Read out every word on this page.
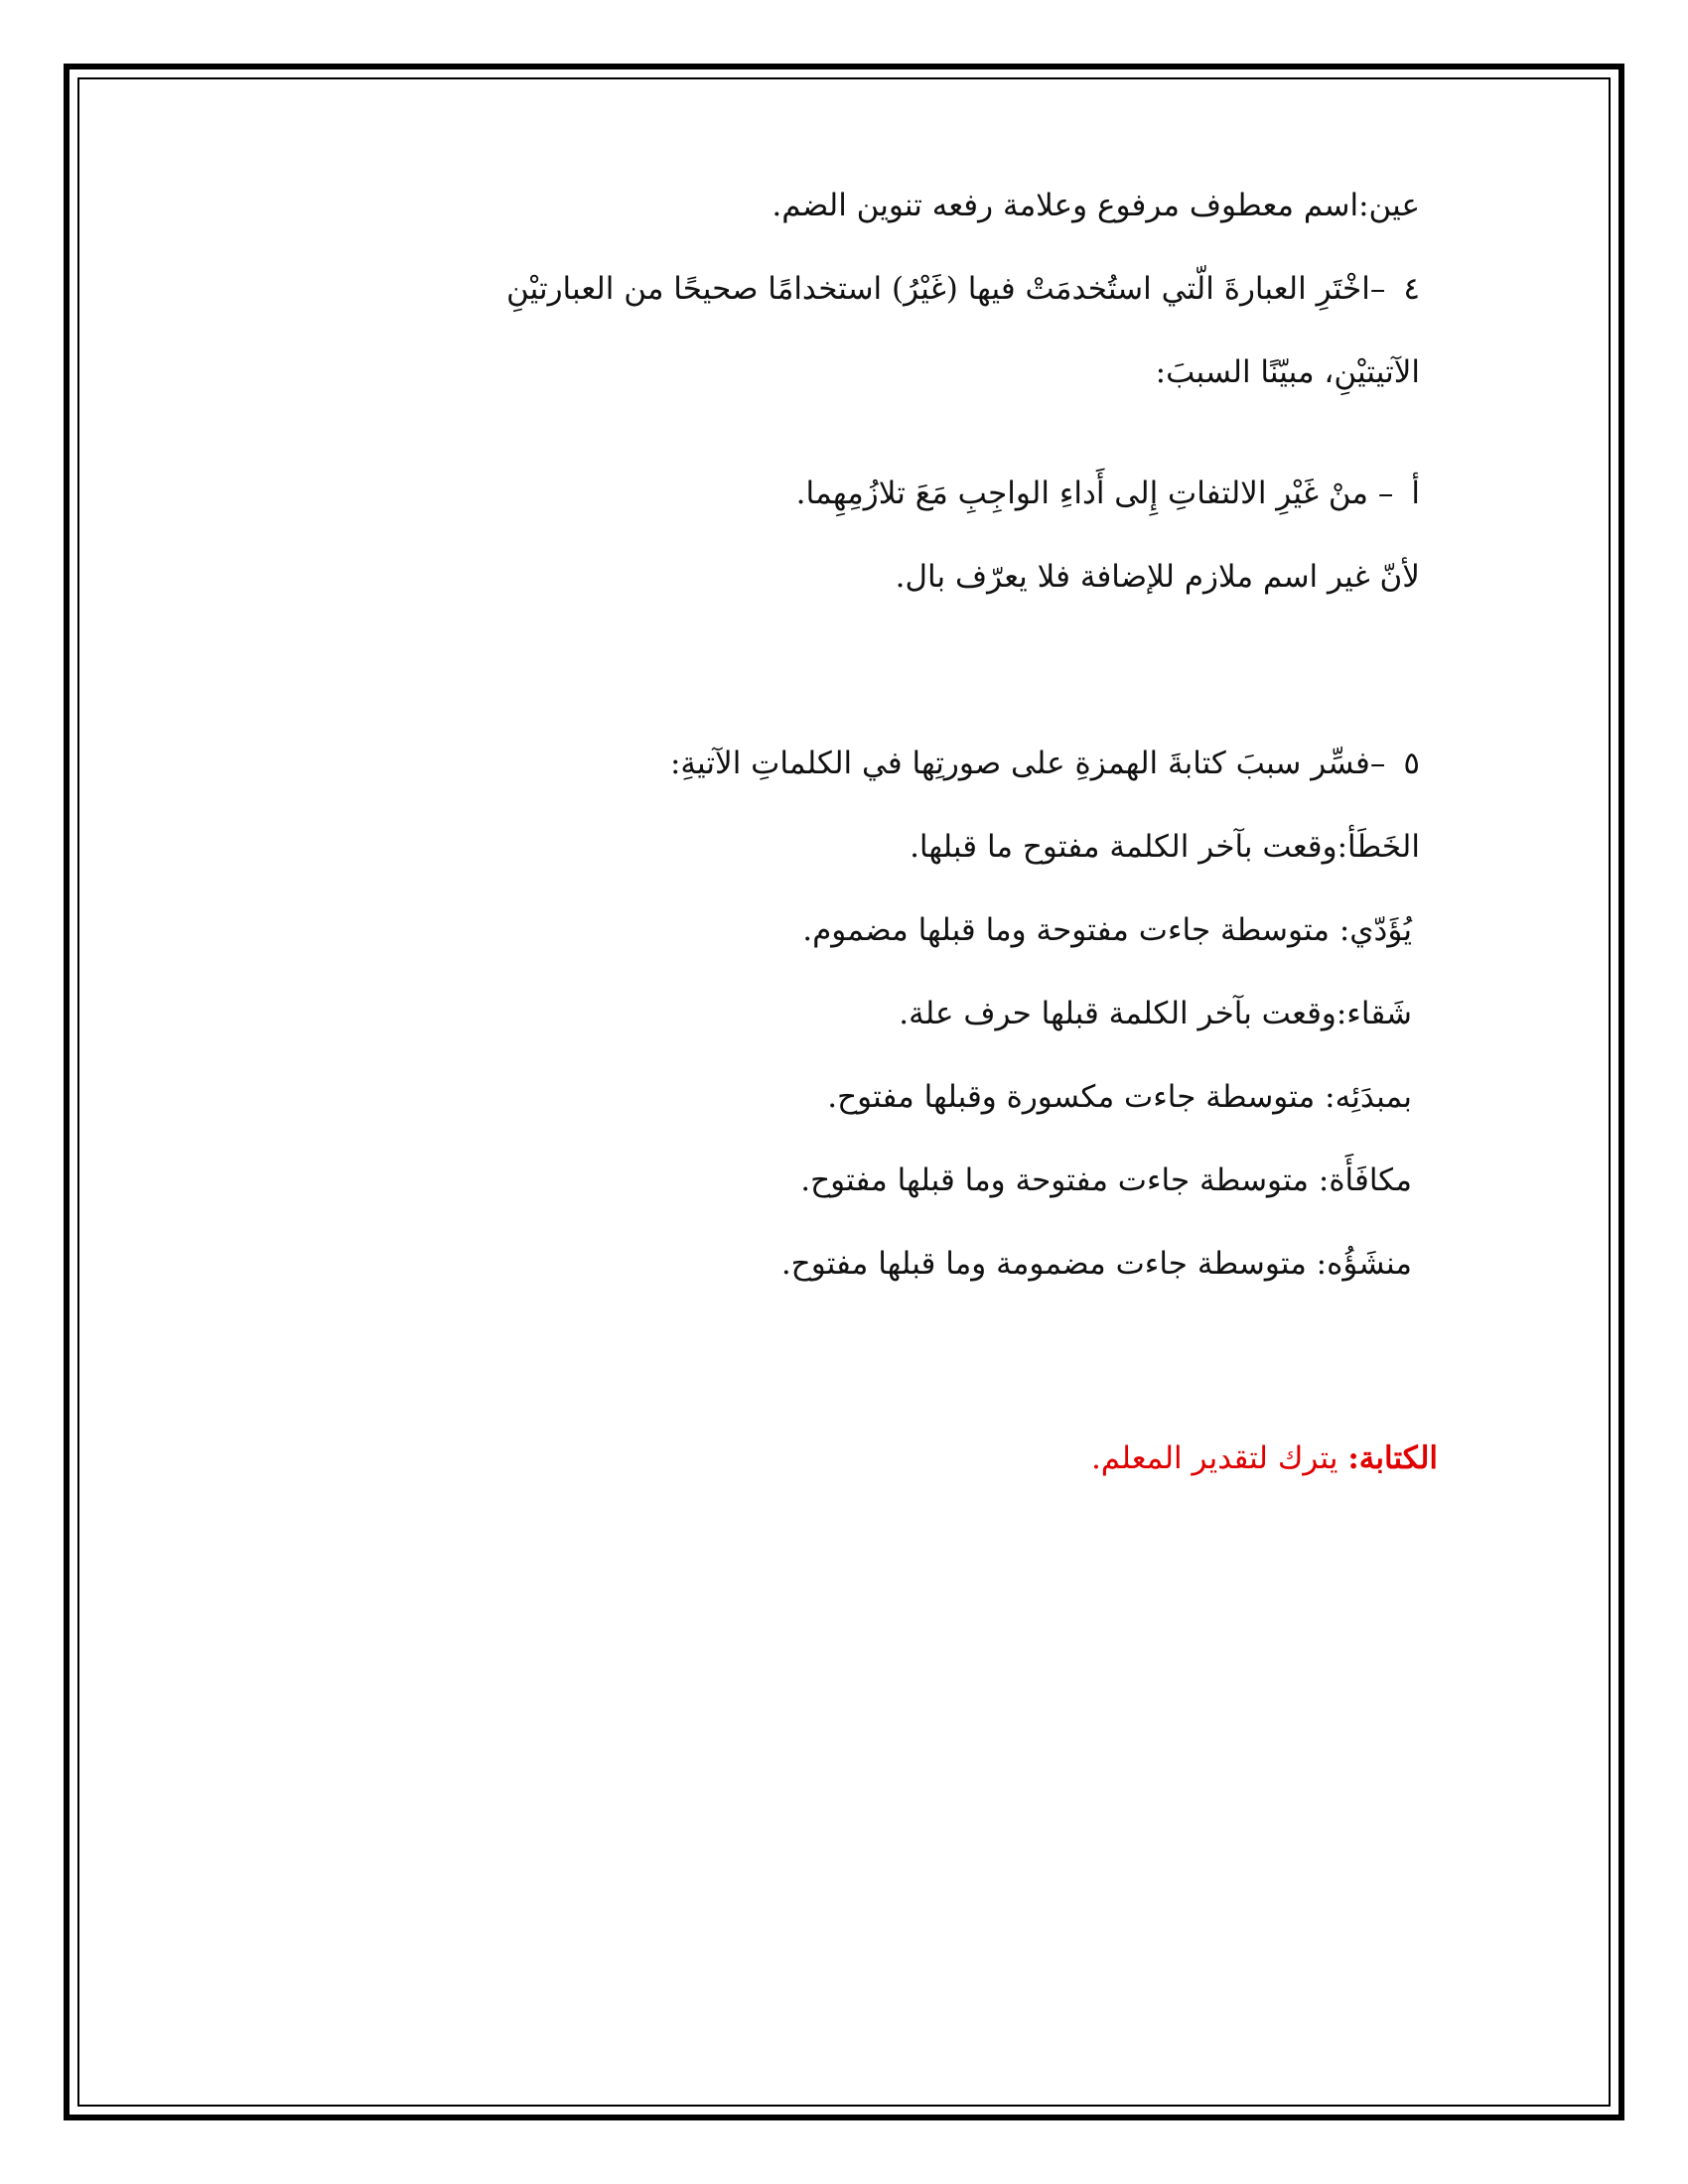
عين:اسم معطوف مرفوع وعلامة رفعه تنوين الضم.
٤–اخْتَرِ العبارةَ الّتي استُخدمَتْ فيها (غَيْرُ) استخدامًا صحيحًا من العبارتيْنِ
الآتيتيْنِ، مبيّنًا السببَ:
أ– منْ غَيْرِ الالتفاتِ إِلى أَداءِ الواجِبِ مَعَ تلازُمِهِما.
لأنّ غير اسم ملازم للإضافة فلا يعرّف بال.
٥–فسِّر سببَ كتابةَ الهمزةِ على صورتِها في الكلماتِ الآتيةِ:
الخَطَأ:وقعت بآخر الكلمة مفتوح ما قبلها.
يُؤَدّي: متوسطة جاءت مفتوحة وما قبلها مضموم.
شَقاء:وقعت بآخر الكلمة قبلها حرف علة.
بمبدَئِه: متوسطة جاءت مكسورة وقبلها مفتوح.
مكافَأَة: متوسطة جاءت مفتوحة وما قبلها مفتوح.
منشَؤُه: متوسطة جاءت مضمومة وما قبلها مفتوح.
الكتابة: يترك لتقدير المعلم.
